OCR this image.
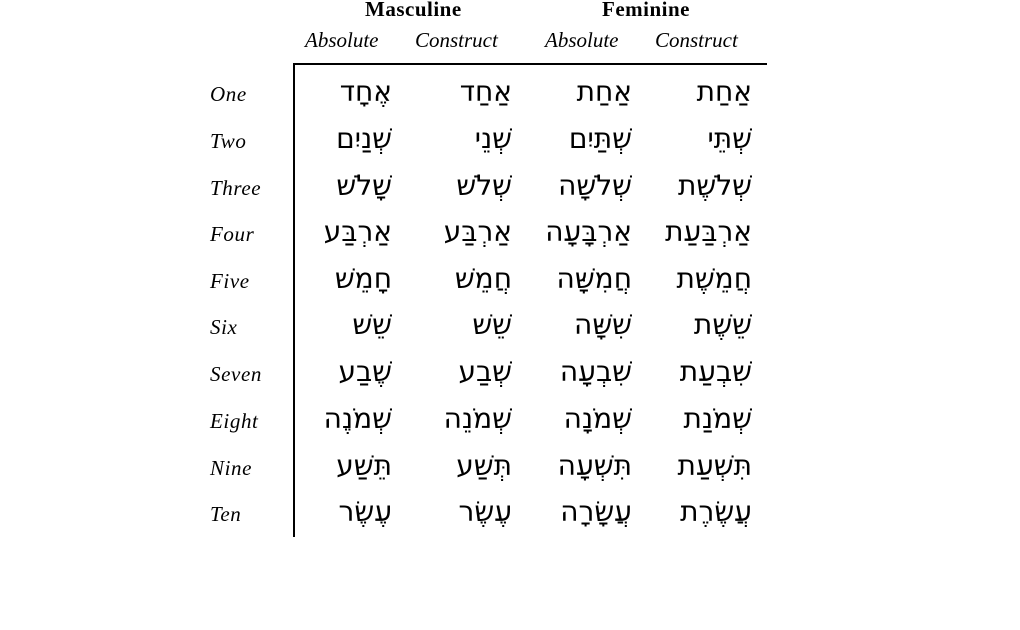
Masculine	Feminine
Absolute Construct Absolute Construct
One	אֶחָד	אַחַד	אַחַת	אַחַת
Two	שְׁנַיִם	שְׁנֵי	שְׁתַּיִם	שְׁתֵּי
Three	שָׁלֹשׁ	שְׁלֹשׁ	שְׁלֹשָׁה	שְׁלֹשֶׁת
Four	אַרְבַּע	אַרְבַּע	אַרְבָּעָה	אַרְבַּעַת
Five	חָמֵשׁ	חֲמֵשׁ	חֲמִשָּׁה	חֲמֵשֶׁת
Six	שֵׁשׁ	שֵׁשׁ	שִׁשָּׁה	שֵׁשֶׁת
Seven	שֶׁבַע	שְׁבַע	שִׁבְעָה	שִׁבְעַת
Eight	שְׁמֹנֶה	שְׁמֹנֵה	שְׁמֹנָה	שְׁמֹנַת
Nine	תֵּשַׁע	תְּשַׁע	תִּשְׁעָה	תִּשְׁעַת
Ten	עֶשֶׂר	עֶשֶׂר	עֲשָׂרָה	עֲשֶׂרֶת
